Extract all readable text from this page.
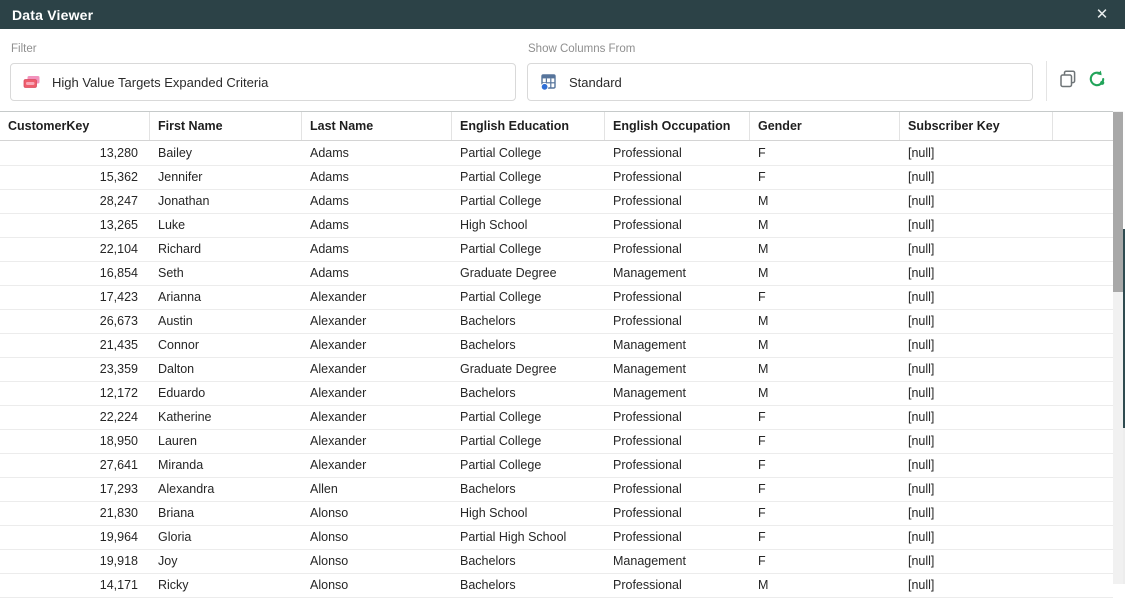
Data Viewer	✕
Filter
High Value Targets Expanded Criteria
Show Columns From
Standard
CustomerKey	First Name	Last Name	English Education	English Occupation	Gender	Subscriber Key
13,280	Bailey	Adams	Partial College	Professional	F	[null]
15,362	Jennifer	Adams	Partial College	Professional	F	[null]
28,247	Jonathan	Adams	Partial College	Professional	M	[null]
13,265	Luke	Adams	High School	Professional	M	[null]
22,104	Richard	Adams	Partial College	Professional	M	[null]
16,854	Seth	Adams	Graduate Degree	Management	M	[null]
17,423	Arianna	Alexander	Partial College	Professional	F	[null]
26,673	Austin	Alexander	Bachelors	Professional	M	[null]
21,435	Connor	Alexander	Bachelors	Management	M	[null]
23,359	Dalton	Alexander	Graduate Degree	Management	M	[null]
12,172	Eduardo	Alexander	Bachelors	Management	M	[null]
22,224	Katherine	Alexander	Partial College	Professional	F	[null]
18,950	Lauren	Alexander	Partial College	Professional	F	[null]
27,641	Miranda	Alexander	Partial College	Professional	F	[null]
17,293	Alexandra	Allen	Bachelors	Professional	F	[null]
21,830	Briana	Alonso	High School	Professional	F	[null]
19,964	Gloria	Alonso	Partial High School	Professional	F	[null]
19,918	Joy	Alonso	Bachelors	Management	F	[null]
14,171	Ricky	Alonso	Bachelors	Professional	M	[null]
